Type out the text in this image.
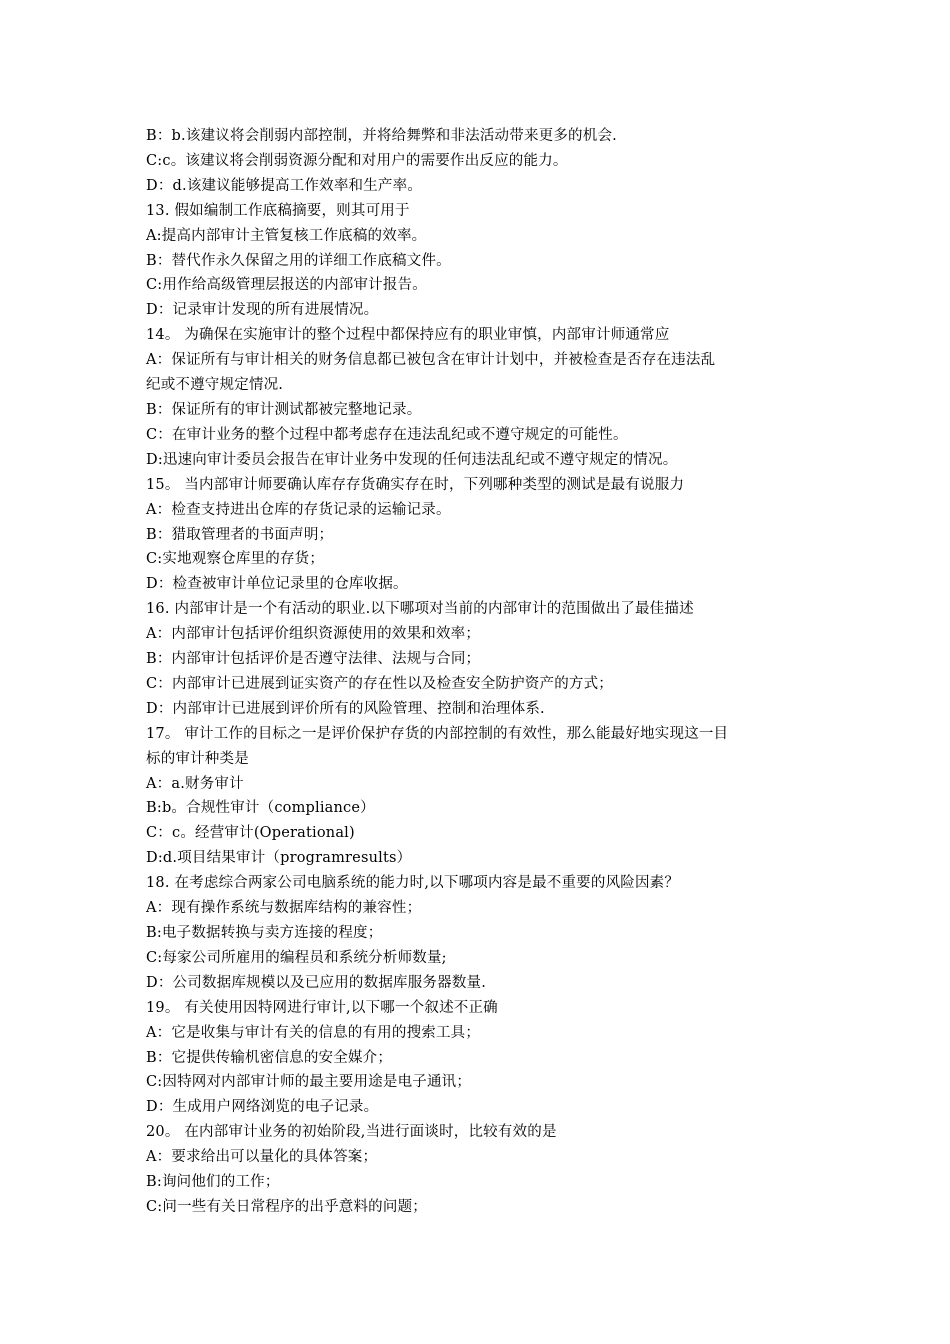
B：b.该建议将会削弱内部控制，并将给舞弊和非法活动带来更多的机会.
C:c。该建议将会削弱资源分配和对用户的需要作出反应的能力。
D：d.该建议能够提高工作效率和生产率。
13. 假如编制工作底稿摘要，则其可用于
A:提高内部审计主管复核工作底稿的效率。
B：替代作永久保留之用的详细工作底稿文件。
C:用作给高级管理层报送的内部审计报告。
D：记录审计发现的所有进展情况。
14。 为确保在实施审计的整个过程中都保持应有的职业审慎，内部审计师通常应
A：保证所有与审计相关的财务信息都已被包含在审计计划中，并被检查是否存在违法乱
纪或不遵守规定情况.
B：保证所有的审计测试都被完整地记录。
C：在审计业务的整个过程中都考虑存在违法乱纪或不遵守规定的可能性。
D:迅速向审计委员会报告在审计业务中发现的任何违法乱纪或不遵守规定的情况。
15。 当内部审计师要确认库存存货确实存在时，下列哪种类型的测试是最有说服力
A：检查支持进出仓库的存货记录的运输记录。
B：猎取管理者的书面声明；
C:实地观察仓库里的存货；
D：检查被审计单位记录里的仓库收据。
16. 内部审计是一个有活动的职业.以下哪项对当前的内部审计的范围做出了最佳描述
A：内部审计包括评价组织资源使用的效果和效率；
B：内部审计包括评价是否遵守法律、法规与合同；
C：内部审计已进展到证实资产的存在性以及检查安全防护资产的方式；
D：内部审计已进展到评价所有的风险管理、控制和治理体系.
17。 审计工作的目标之一是评价保护存货的内部控制的有效性，那么能最好地实现这一目
标的审计种类是
A：a.财务审计
B:b。合规性审计（compliance）
C：c。经营审计(Operational)
D:d.项目结果审计（programresults）
18. 在考虑综合两家公司电脑系统的能力时,以下哪项内容是最不重要的风险因素？
A：现有操作系统与数据库结构的兼容性；
B:电子数据转换与卖方连接的程度；
C:每家公司所雇用的编程员和系统分析师数量;
D：公司数据库规模以及已应用的数据库服务器数量.
19。 有关使用因特网进行审计,以下哪一个叙述不正确
A：它是收集与审计有关的信息的有用的搜索工具；
B：它提供传输机密信息的安全媒介；
C:因特网对内部审计师的最主要用途是电子通讯；
D：生成用户网络浏览的电子记录。
20。 在内部审计业务的初始阶段,当进行面谈时，比较有效的是
A：要求给出可以量化的具体答案；
B:询问他们的工作；
C:问一些有关日常程序的出乎意料的问题；
